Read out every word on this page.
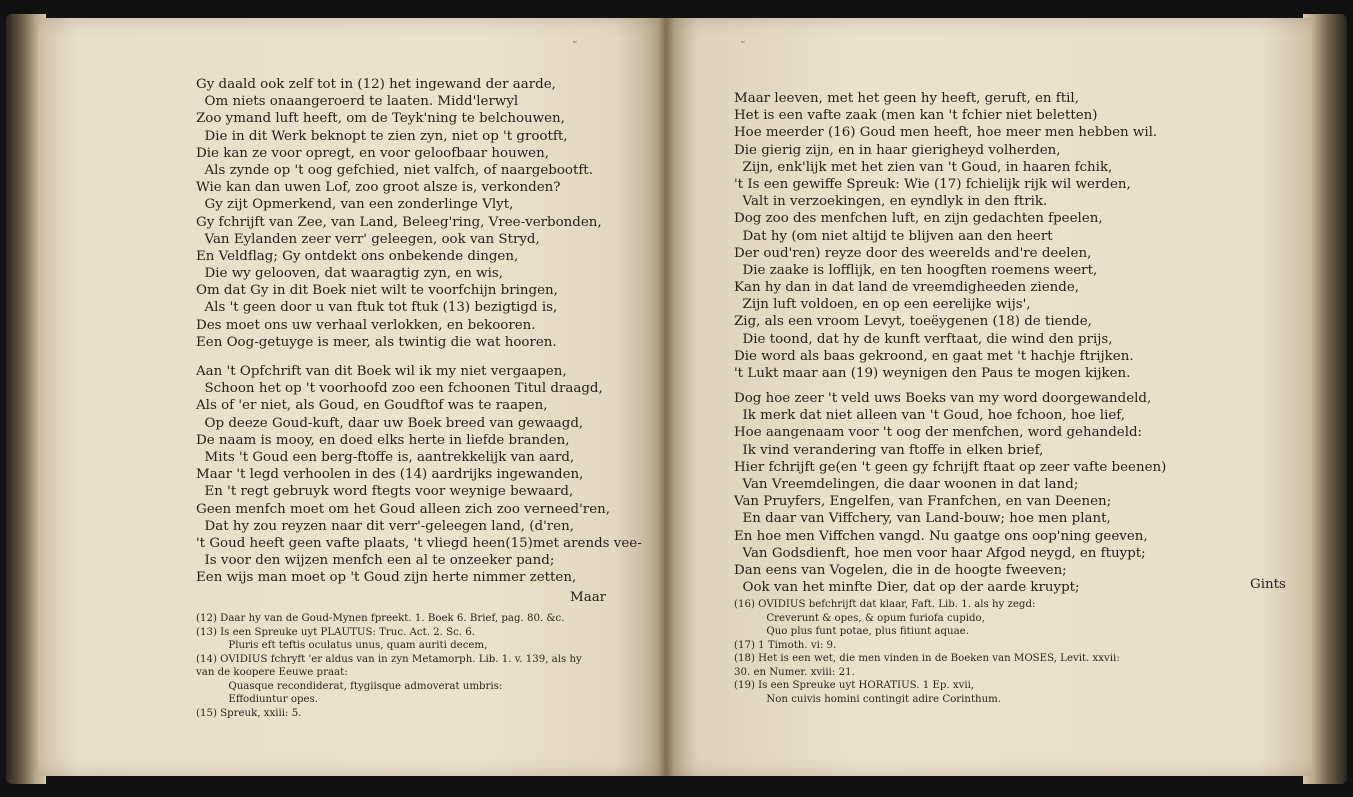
˜
Gy daald ook zelf tot in (12) het ingewand der aarde,
Om niets onaangeroerd te laaten. Midd'lerwyl
Zoo ymand luft heeft, om de Teyk'ning te belchouwen,
Die in dit Werk beknopt te zien zyn, niet op 't grootft,
Die kan ze voor opregt, en voor geloofbaar houwen,
Als zynde op 't oog gefchied, niet valfch, of naargebootft.
Wie kan dan uwen Lof, zoo groot alsze is, verkonden?
Gy zijt Opmerkend, van een zonderlinge Vlyt,
Gy fchrijft van Zee, van Land, Beleeg'ring, Vree-verbonden,
Van Eylanden zeer verr' geleegen, ook van Stryd,
En Veldflag; Gy ontdekt ons onbekende dingen,
Die wy gelooven, dat waaragtig zyn, en wis,
Om dat Gy in dit Boek niet wilt te voorfchijn bringen,
Als 't geen door u van ftuk tot ftuk (13) bezigtigd is,
Des moet ons uw verhaal verlokken, en bekooren.
Een Oog-getuyge is meer, als twintig die wat hooren.
Aan 't Opfchrift van dit Boek wil ik my niet vergaapen,
Schoon het op 't voorhoofd zoo een fchoonen Titul draagd,
Als of 'er niet, als Goud, en Goudftof was te raapen,
Op deeze Goud-kuft, daar uw Boek breed van gewaagd,
De naam is mooy, en doed elks herte in liefde branden,
Mits 't Goud een berg-ftoffe is, aantrekkelijk van aard,
Maar 't legd verhoolen in des (14) aardrijks ingewanden,
En 't regt gebruyk word ftegts voor weynige bewaard,
Geen menfch moet om het Goud alleen zich zoo verneed'ren,
Dat hy zou reyzen naar dit verr'-geleegen land, (d'ren,
't Goud heeft geen vafte plaats, 't vliegd heen(15)met arends vee-
Is voor den wijzen menfch een al te onzeeker pand;
Een wijs man moet op 't Goud zijn herte nimmer zetten,
Maar
(12) Daar hy van de Goud-Mynen fpreekt. 1. Boek 6. Brief, pag. 80. &c.
(13) Is een Spreuke uyt PLAUTUS: Truc. Act. 2. Sc. 6.
Pluris eft teftis oculatus unus, quam auriti decem,
(14) OVIDIUS fchryft 'er aldus van in zyn Metamorph. Lib. 1. v. 139, als hy
van de koopere Eeuwe praat:
Quasque recondiderat, ftygiisque admoverat umbris:
Effodiuntur opes.
(15) Spreuk, xxiii: 5.
˜
Maar leeven, met het geen hy heeft, geruft, en ftil,
Het is een vafte zaak (men kan 't fchier niet beletten)
Hoe meerder (16) Goud men heeft, hoe meer men hebben wil.
Die gierig zijn, en in haar gierigheyd volherden,
Zijn, enk'lijk met het zien van 't Goud, in haaren fchik,
't Is een gewiffe Spreuk: Wie (17) fchielijk rijk wil werden,
Valt in verzoekingen, en eyndlyk in den ftrik.
Dog zoo des menfchen luft, en zijn gedachten fpeelen,
Dat hy (om niet altijd te blijven aan den heert
Der oud'ren) reyze door des weerelds and're deelen,
Die zaake is lofflijk, en ten hoogften roemens weert,
Kan hy dan in dat land de vreemdigheeden ziende,
Zijn luft voldoen, en op een eerelijke wijs',
Zig, als een vroom Levyt, toeëygenen (18) de tiende,
Die toond, dat hy de kunft verftaat, die wind den prijs,
Die word als baas gekroond, en gaat met 't hachje ftrijken.
't Lukt maar aan (19) weynigen den Paus te mogen kijken.
Dog hoe zeer 't veld uws Boeks van my word doorgewandeld,
Ik merk dat niet alleen van 't Goud, hoe fchoon, hoe lief,
Hoe aangenaam voor 't oog der menfchen, word gehandeld:
Ik vind verandering van ftoffe in elken brief,
Hier fchrijft ge(en 't geen gy fchrijft ftaat op zeer vafte beenen)
Van Vreemdelingen, die daar woonen in dat land;
Van Pruyfers, Engelfen, van Franfchen, en van Deenen;
En daar van Viffchery, van Land-bouw; hoe men plant,
En hoe men Viffchen vangd. Nu gaatge ons oop'ning geeven,
Van Godsdienft, hoe men voor haar Afgod neygd, en ftuypt;
Dan eens van Vogelen, die in de hoogte fweeven;
Ook van het minfte Dier, dat op der aarde kruypt;	Gints
(16) OVIDIUS befchrijft dat klaar, Faft. Lib. 1. als hy zegd:
Creverunt & opes, & opum furiofa cupido,
Quo plus funt potae, plus fitiunt aquae.
(17) 1 Timoth. vi: 9.
(18) Het is een wet, die men vinden in de Boeken van MOSES, Levit. xxvii:
30. en Numer. xviii: 21.
(19) Is een Spreuke uyt HORATIUS. 1 Ep. xvii,
Non cuivis homini contingit adire Corinthum.
